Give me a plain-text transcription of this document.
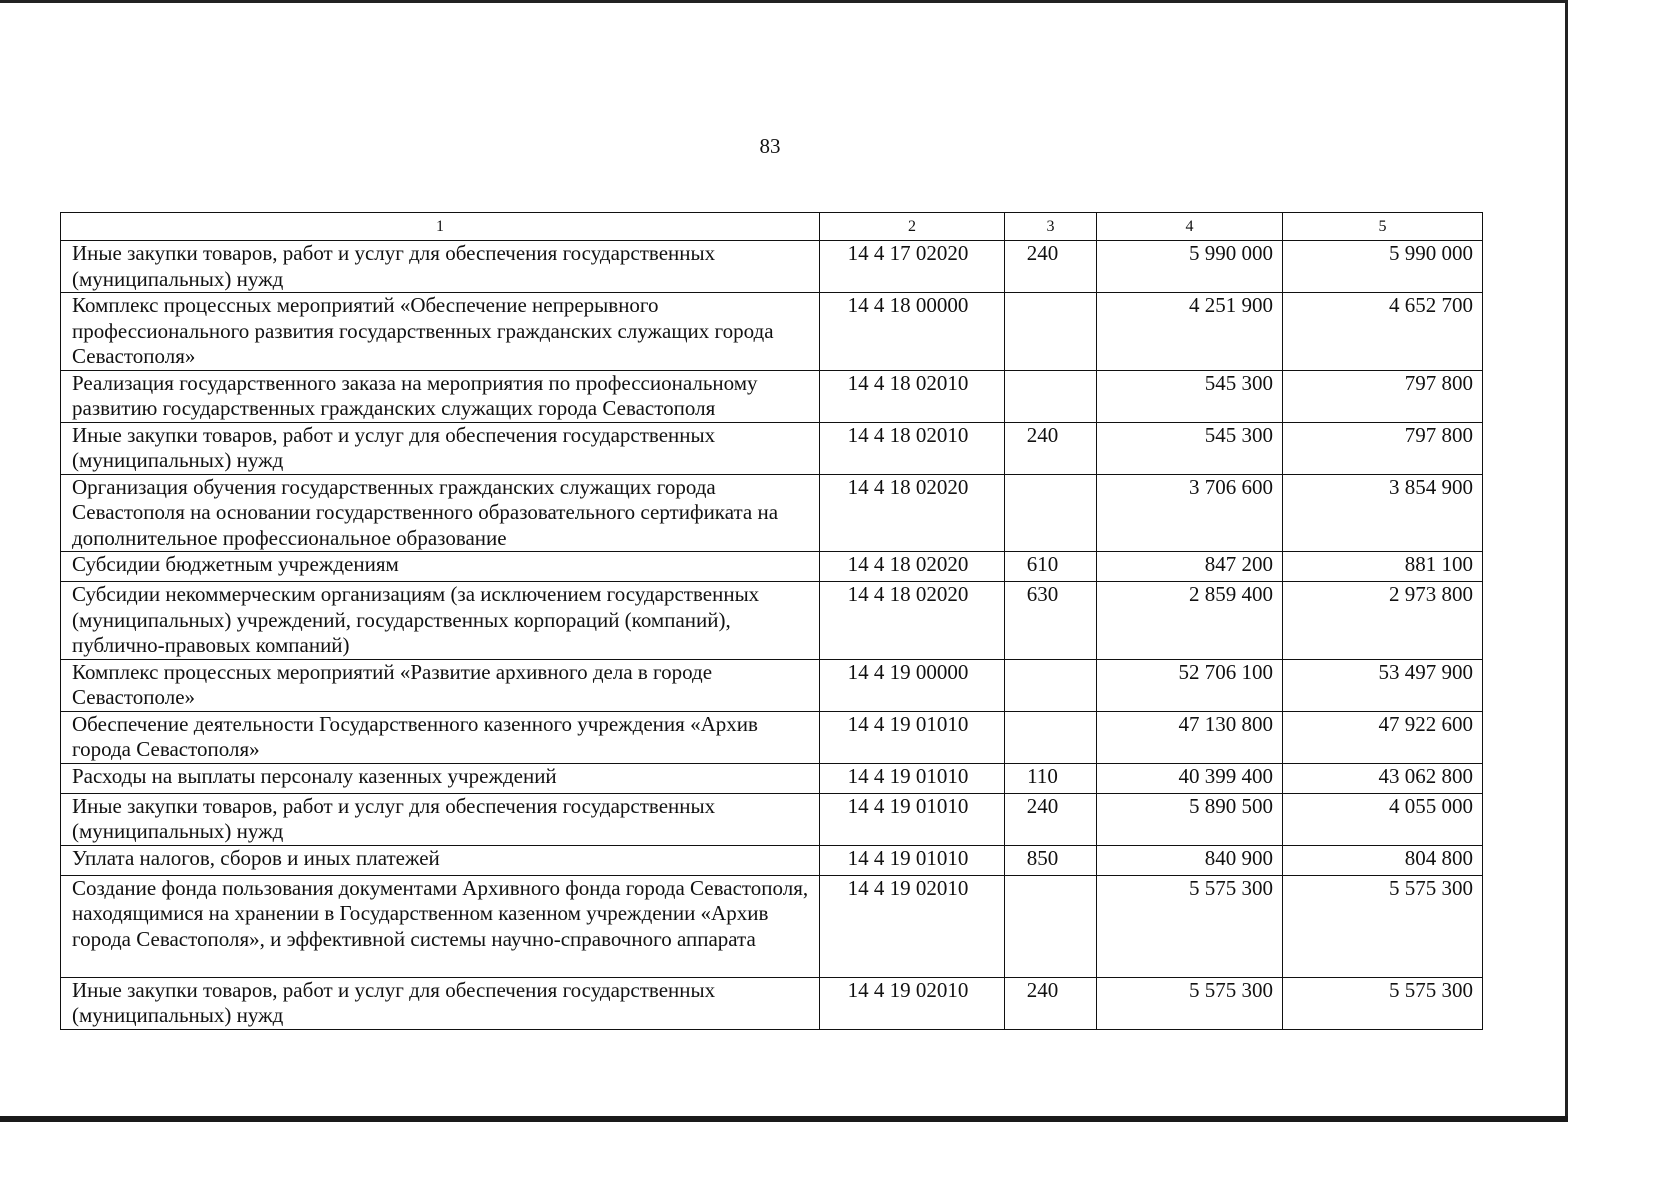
83
1	2	3	4	5
Иные закупки товаров, работ и услуг для обеспечения государственных (муниципальных) нужд	14 4 17 02020	240	5 990 000	5 990 000
Комплекс процессных мероприятий «Обеспечение непрерывного профессионального развития государственных гражданских служащих города Севастополя»	14 4 18 00000		4 251 900	4 652 700
Реализация государственного заказа на мероприятия по профессиональному развитию государственных гражданских служащих города Севастополя	14 4 18 02010		545 300	797 800
Иные закупки товаров, работ и услуг для обеспечения государственных (муниципальных) нужд	14 4 18 02010	240	545 300	797 800
Организация обучения государственных гражданских служащих города Севастополя на основании государственного образовательного сертификата на дополнительное профессиональное образование	14 4 18 02020		3 706 600	3 854 900
Субсидии бюджетным учреждениям	14 4 18 02020	610	847 200	881 100
Субсидии некоммерческим организациям (за исключением государственных (муниципальных) учреждений, государственных корпораций (компаний), публично-правовых компаний)	14 4 18 02020	630	2 859 400	2 973 800
Комплекс процессных мероприятий «Развитие архивного дела в городе Севастополе»	14 4 19 00000		52 706 100	53 497 900
Обеспечение деятельности Государственного казенного учреждения «Архив города Севастополя»	14 4 19 01010		47 130 800	47 922 600
Расходы на выплаты персоналу казенных учреждений	14 4 19 01010	110	40 399 400	43 062 800
Иные закупки товаров, работ и услуг для обеспечения государственных (муниципальных) нужд	14 4 19 01010	240	5 890 500	4 055 000
Уплата налогов, сборов и иных платежей	14 4 19 01010	850	840 900	804 800
Создание фонда пользования документами Архивного фонда города Севастополя, находящимися на хранении в Государственном казенном учреждении «Архив города Севастополя», и эффективной системы научно-справочного аппарата	14 4 19 02010		5 575 300	5 575 300
Иные закупки товаров, работ и услуг для обеспечения государственных (муниципальных) нужд	14 4 19 02010	240	5 575 300	5 575 300
